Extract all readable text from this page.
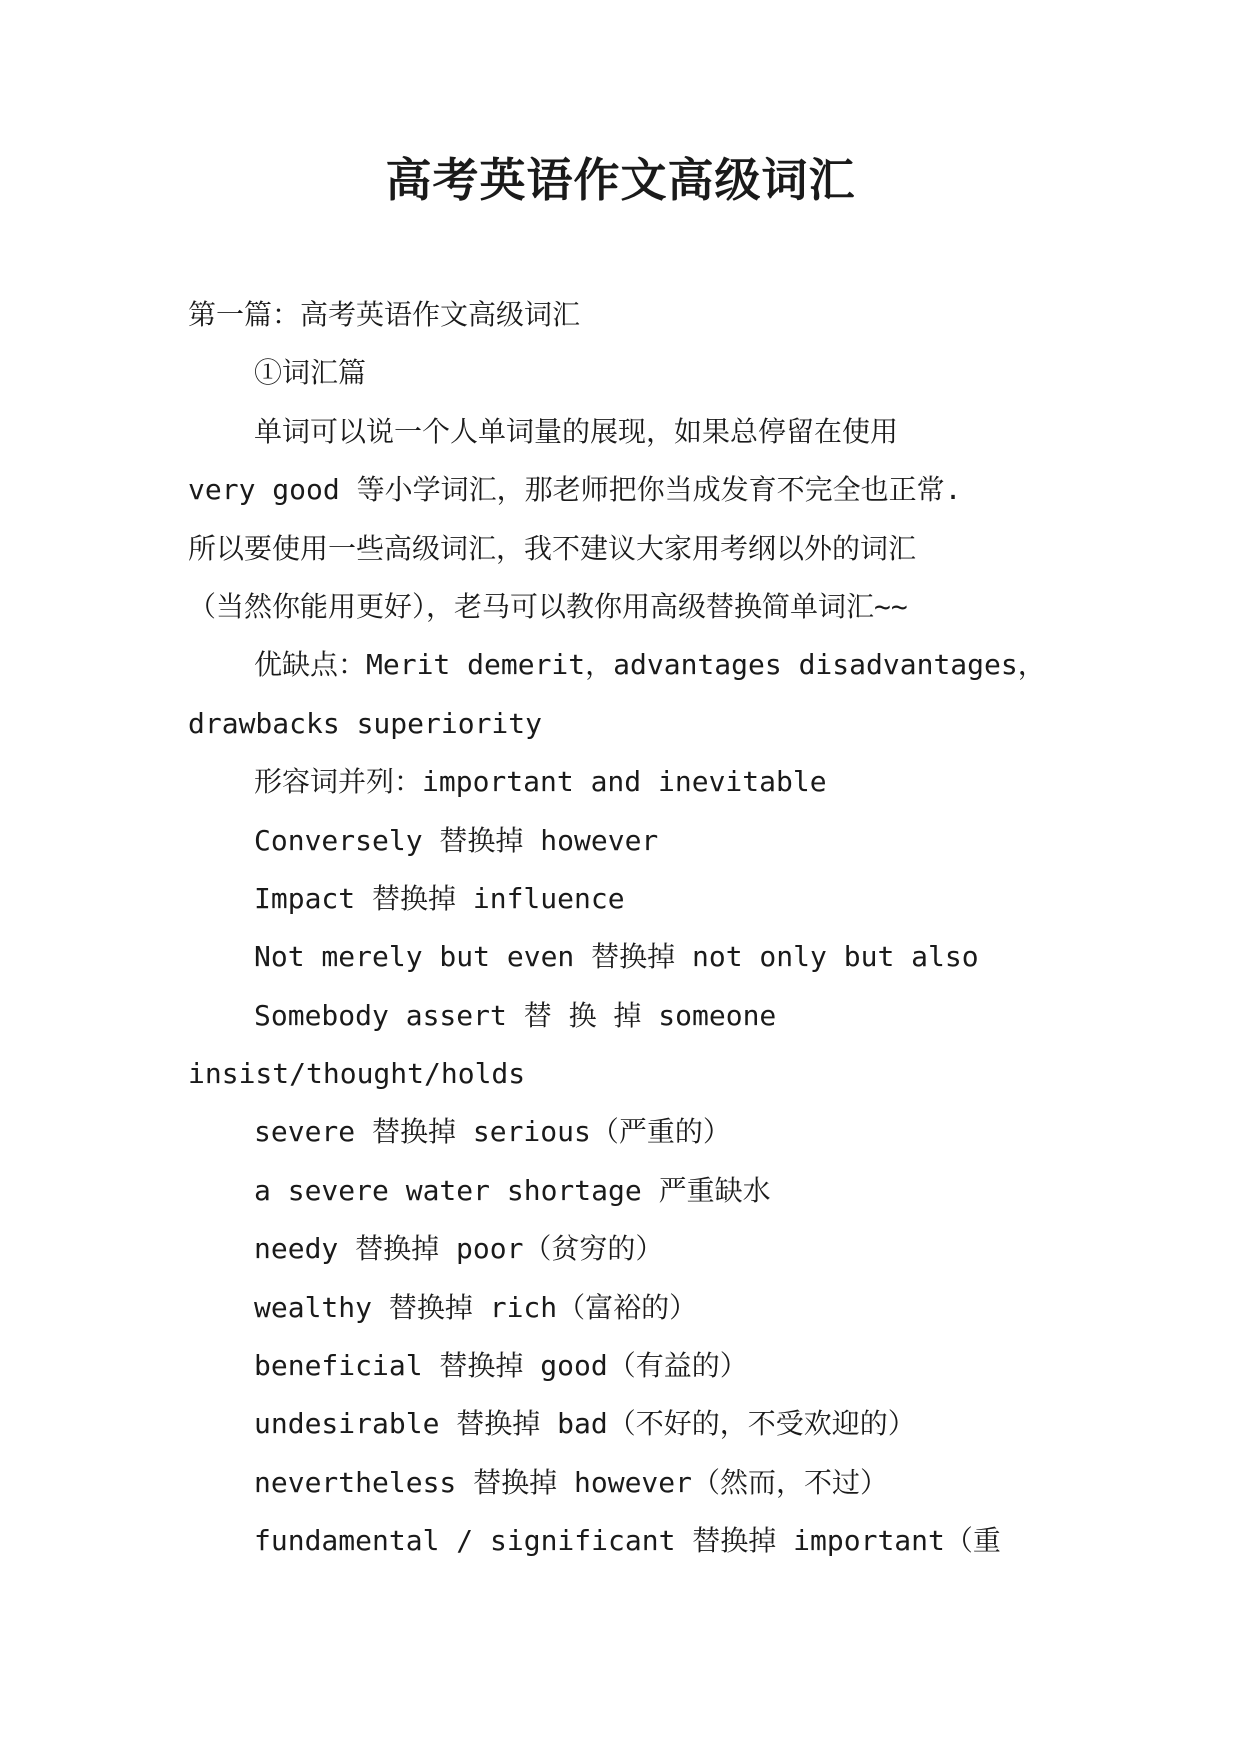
高考英语作文高级词汇
第一篇：高考英语作文高级词汇
①词汇篇
单词可以说一个人单词量的展现，如果总停留在使用
very good 等小学词汇，那老师把你当成发育不完全也正常.
所以要使用一些高级词汇，我不建议大家用考纲以外的词汇
（当然你能用更好），老马可以教你用高级替换简单词汇~~
优缺点：Merit demerit，advantages disadvantages，
drawbacks superiority
形容词并列：important and inevitable
Conversely 替换掉 however
Impact 替换掉 influence
Not merely but even 替换掉 not only but also
Somebody assert 替 换 掉 someone
insist/thought/holds
severe 替换掉 serious（严重的）
a severe water shortage 严重缺水
needy 替换掉 poor（贫穷的）
wealthy 替换掉 rich（富裕的）
beneficial 替换掉 good（有益的）
undesirable 替换掉 bad（不好的，不受欢迎的）
nevertheless 替换掉 however（然而，不过）
fundamental / significant 替换掉 important（重
